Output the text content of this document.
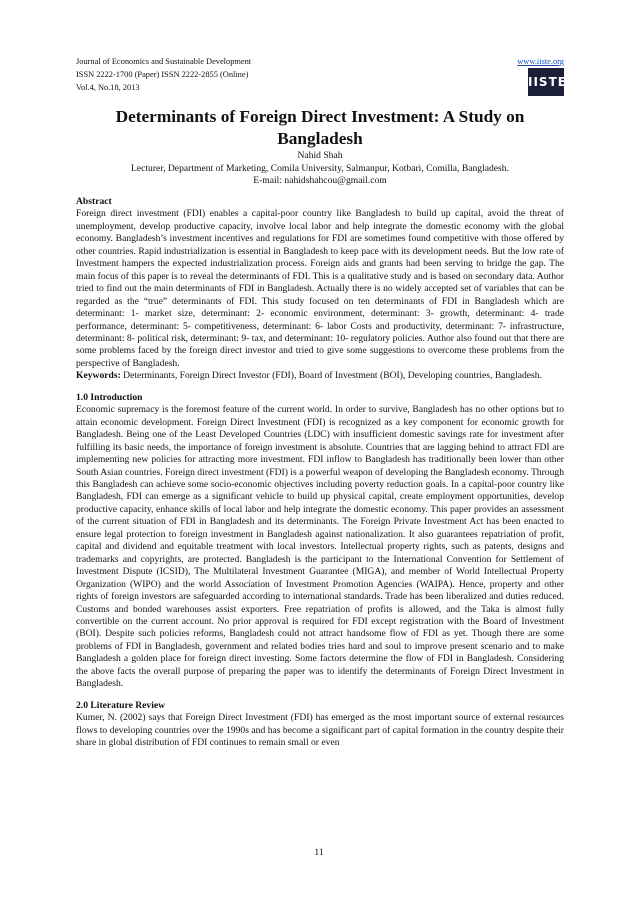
Journal of Economics and Sustainable Development
ISSN 2222-1700 (Paper) ISSN 2222-2855 (Online)
Vol.4, No.18, 2013
www.iiste.org
IISTE
Determinants of Foreign Direct Investment: A Study on Bangladesh
Nahid Shah
Lecturer, Department of Marketing, Comila University, Salmanpur, Kotbari, Comilla, Bangladesh.
E-mail: nahidshahcou@gmail.com

Abstract

Foreign direct investment (FDI) enables a capital-poor country like Bangladesh to build up capital, avoid the threat of unemployment, develop productive capacity, involve local labor and help integrate the domestic economy with the global economy. Bangladesh’s investment incentives and regulations for FDI are sometimes found competitive with those offered by other countries. Rapid industrialization is essential in Bangladesh to keep pace with its development needs. But the low rate of Investment hampers the expected industrialization process. Foreign aids and grants had been serving to bridge the gap. The main focus of this paper is to reveal the determinants of FDI. This is a qualitative study and is based on secondary data. Author tried to find out the main determinants of FDI in Bangladesh. Actually there is no widely accepted set of variables that can be regarded as the “true” determinants of FDI. This study focused on ten determinants of FDI in Bangladesh which are determinant: 1- market size, determinant: 2- economic environment, determinant: 3- growth, determinant: 4- trade performance, determinant: 5- competitiveness, determinant: 6- labor Costs and productivity, determinant: 7- infrastructure, determinant: 8- political risk, determinant: 9- tax, and determinant: 10- regulatory policies. Author also found out that there are some problems faced by the foreign direct investor and tried to give some suggestions to overcome these problems from the perspective of Bangladesh.

Keywords: Determinants, Foreign Direct Investor (FDI), Board of Investment (BOI), Developing countries, Bangladesh.

1.0 Introduction

Economic supremacy is the foremost feature of the current world. In order to survive, Bangladesh has no other options but to attain economic development. Foreign Direct Investment (FDI) is recognized as a key component for economic growth for Bangladesh. Being one of the Least Developed Countries (LDC) with insufficient domestic savings rate for investment after fulfilling its basic needs, the importance of foreign investment is absolute. Countries that are lagging behind to attract FDI are implementing new policies for attracting more investment. FDI inflow to Bangladesh has traditionally been lower than other South Asian countries. Foreign direct investment (FDI) is a powerful weapon of developing the Bangladesh economy. Through this Bangladesh can achieve some socio-economic objectives including poverty reduction goals. In a capital-poor country like Bangladesh, FDI can emerge as a significant vehicle to build up physical capital, create employment opportunities, develop productive capacity, enhance skills of local labor and help integrate the domestic economy. This paper provides an assessment of the current situation of FDI in Bangladesh and its determinants. The Foreign Private Investment Act has been enacted to ensure legal protection to foreign investment in Bangladesh against nationalization. It also guarantees repatriation of profit, capital and dividend and equitable treatment with local investors. Intellectual property rights, such as patents, designs and trademarks and copyrights, are protected. Bangladesh is the participant to the International Convention for Settlement of Investment Dispute (ICSID), The Multilateral Investment Guarantee (MIGA), and member of World Intellectual Property Organization (WIPO) and the world Association of Investment Promotion Agencies (WAIPA). Hence, property and other rights of foreign investors are safeguarded according to international standards. Trade has been liberalized and duties reduced. Customs and bonded warehouses assist exporters. Free repatriation of profits is allowed, and the Taka is almost fully convertible on the current account. No prior approval is required for FDI except registration with the Board of Investment (BOI). Despite such policies reforms, Bangladesh could not attract handsome flow of FDI as yet. Though there are some problems of FDI in Bangladesh, government and related bodies tries hard and soul to improve present scenario and to make Bangladesh a golden place for foreign direct investing. Some factors determine the flow of FDI in Bangladesh. Considering the above facts the overall purpose of preparing the paper was to identify the determinants of Foreign Direct Investment in Bangladesh.

2.0 Literature Review

Kumer, N. (2002) says that Foreign Direct Investment (FDI) has emerged as the most important source of external resources flows to developing countries over the 1990s and has become a significant part of capital formation in the country despite their share in global distribution of FDI continues to remain small or even

11
